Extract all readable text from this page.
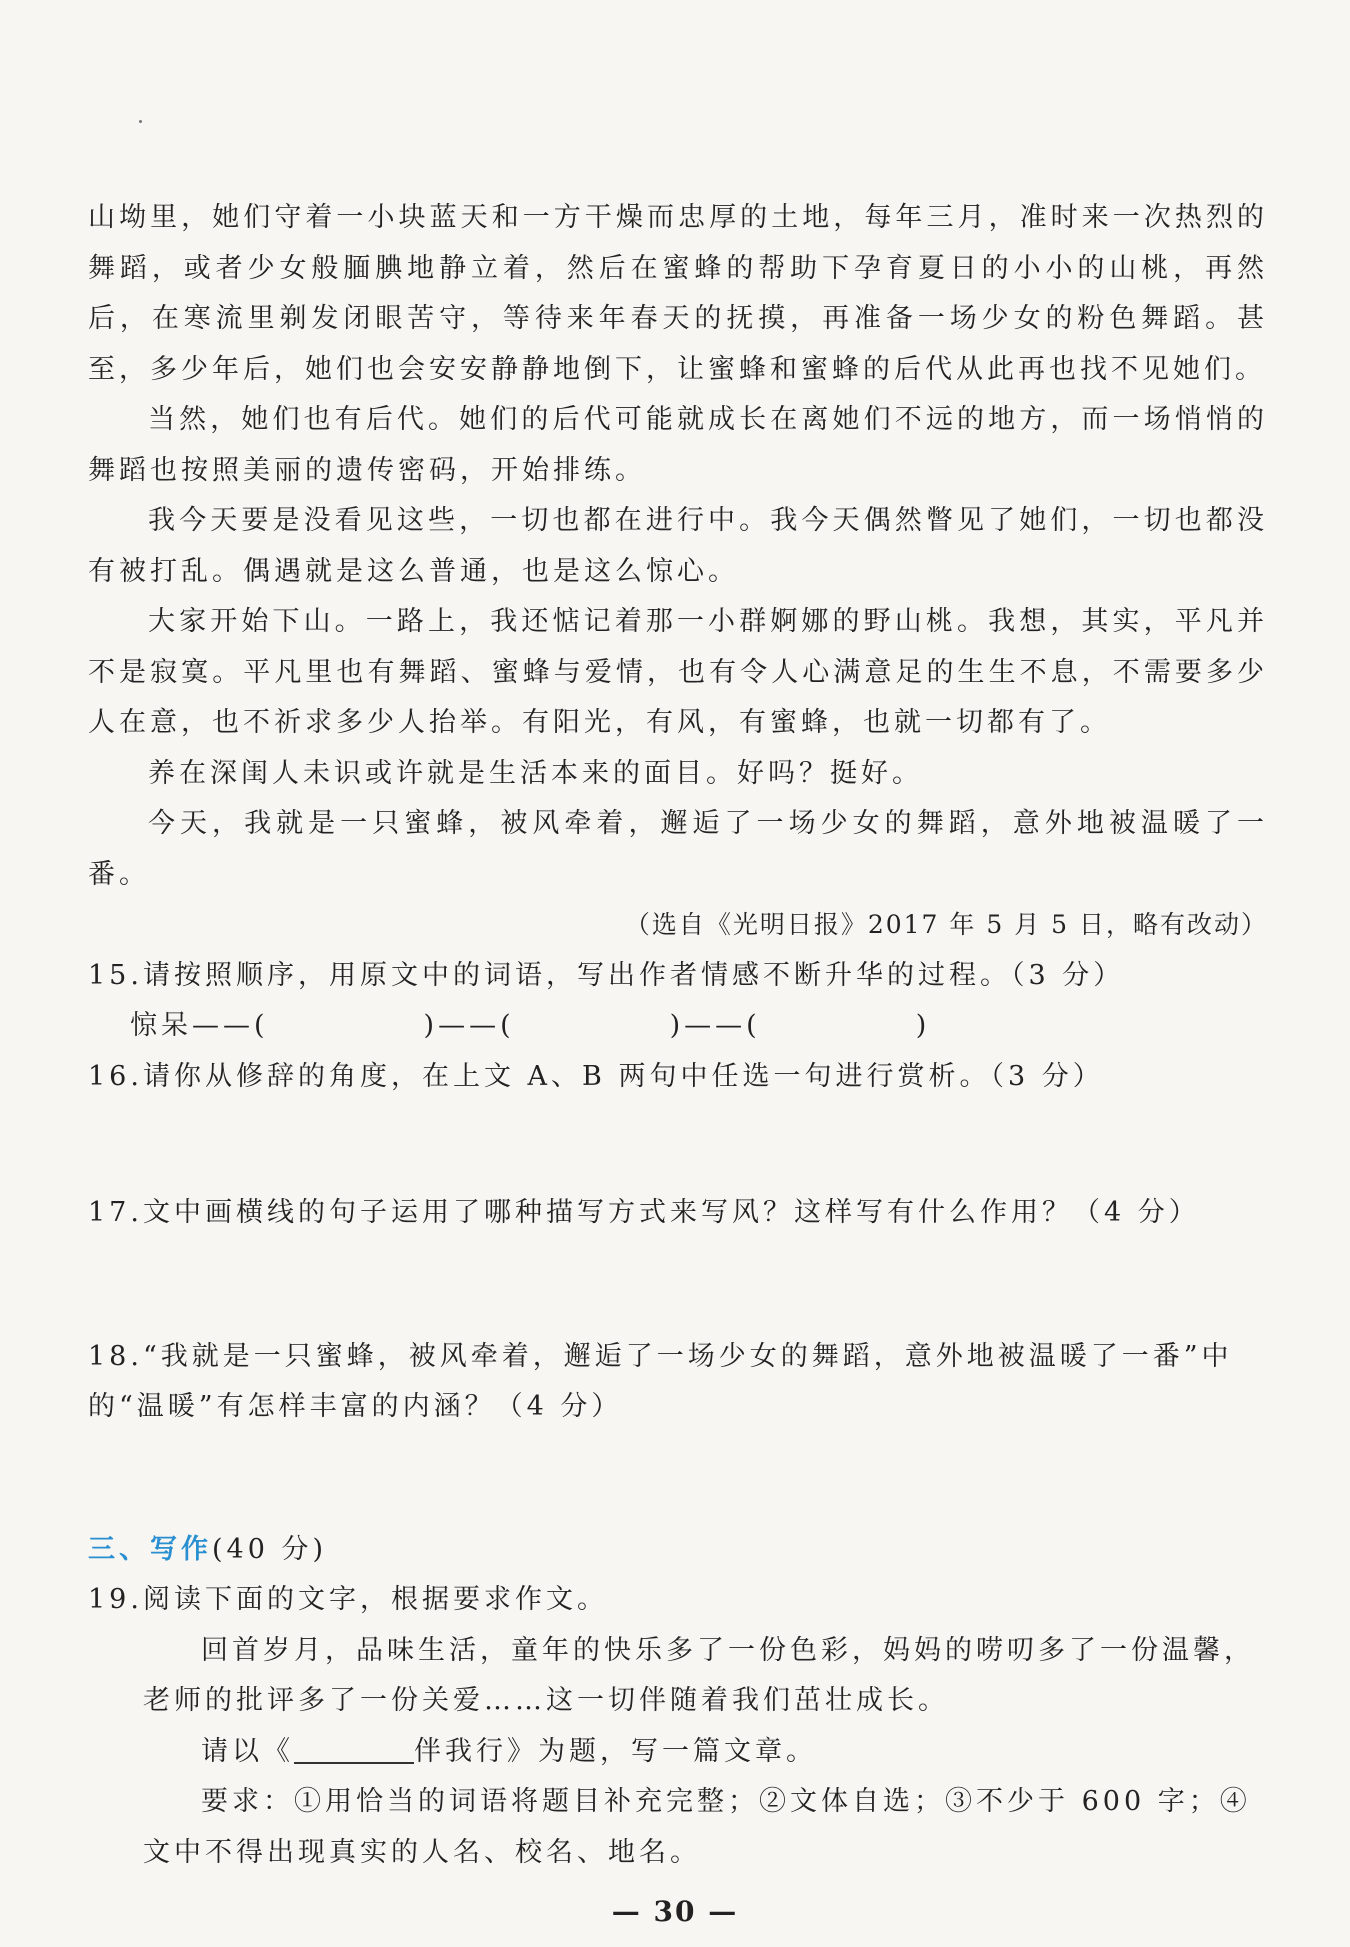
山坳里，她们守着一小块蓝天和一方干燥而忠厚的土地，每年三月，准时来一次热烈的舞蹈，或者少女般腼腆地静立着，然后在蜜蜂的帮助下孕育夏日的小小的山桃，再然后，在寒流里剃发闭眼苦守，等待来年春天的抚摸，再准备一场少女的粉色舞蹈。甚至，多少年后，她们也会安安静静地倒下，让蜜蜂和蜜蜂的后代从此再也找不见她们。

当然，她们也有后代。她们的后代可能就成长在离她们不远的地方，而一场悄悄的舞蹈也按照美丽的遗传密码，开始排练。

我今天要是没看见这些，一切也都在进行中。我今天偶然瞥见了她们，一切也都没有被打乱。偶遇就是这么普通，也是这么惊心。

大家开始下山。一路上，我还惦记着那一小群婀娜的野山桃。我想，其实，平凡并不是寂寞。平凡里也有舞蹈、蜜蜂与爱情，也有令人心满意足的生生不息，不需要多少人在意，也不祈求多少人抬举。有阳光，有风，有蜜蜂，也就一切都有了。

养在深闺人未识或许就是生活本来的面目。好吗？挺好。

今天，我就是一只蜜蜂，被风牵着，邂逅了一场少女的舞蹈，意外地被温暖了一番。

（选自《光明日报》2017 年 5 月 5 日，略有改动）

15.请按照顺序，用原文中的词语，写出作者情感不断升华的过程。（3 分）

惊呆——(	)——(	)——(	)

16.请你从修辞的角度，在上文 A、B 两句中任选一句进行赏析。（3 分）

17.文中画横线的句子运用了哪种描写方式来写风？这样写有什么作用？（4 分）

18.“我就是一只蜜蜂，被风牵着，邂逅了一场少女的舞蹈，意外地被温暖了一番”中的“温暖”有怎样丰富的内涵？（4 分）

三、写作(40 分)

19.阅读下面的文字，根据要求作文。

回首岁月，品味生活，童年的快乐多了一份色彩，妈妈的唠叨多了一份温馨，老师的批评多了一份关爱……这一切伴随着我们茁壮成长。

请以《	伴我行》为题，写一篇文章。

要求：①用恰当的词语将题目补充完整；②文体自选；③不少于 600 字；④文中不得出现真实的人名、校名、地名。

— 30 —
